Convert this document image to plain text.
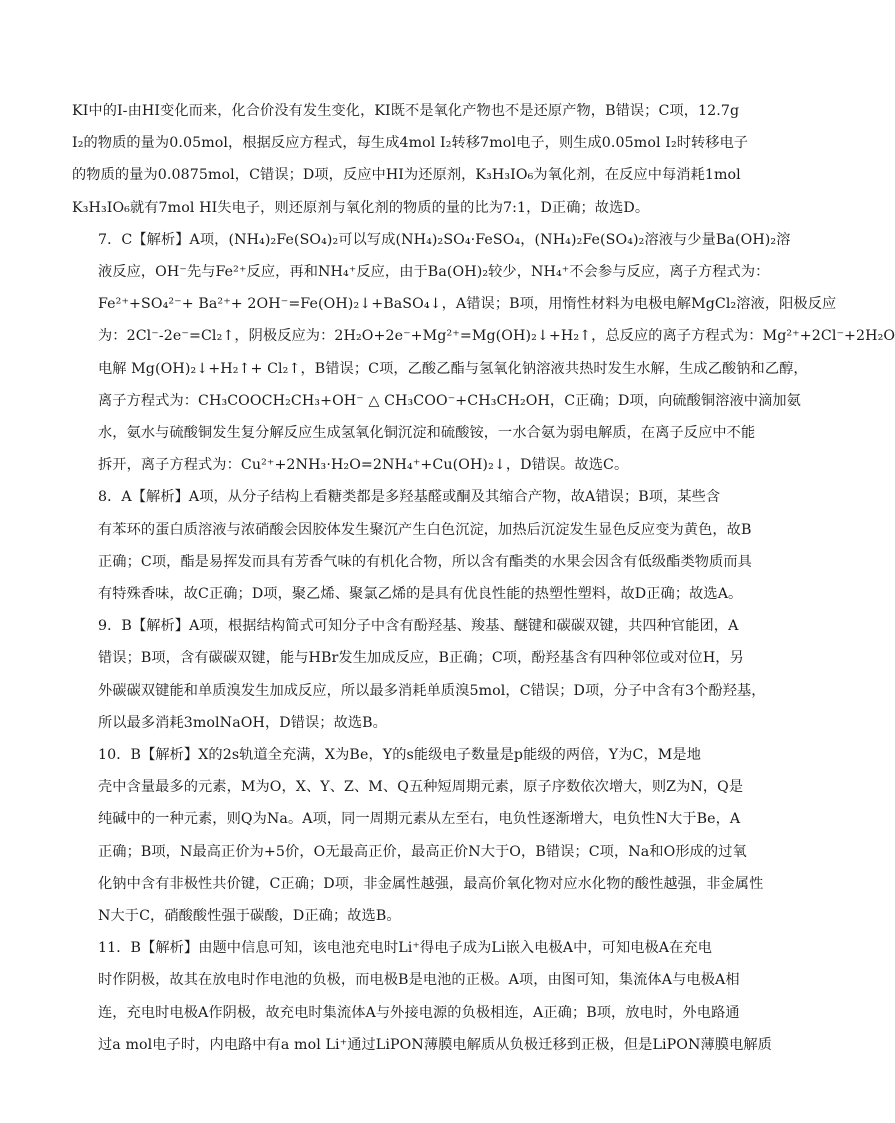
KI中的I-由HI变化而来，化合价没有发生变化，KI既不是氧化产物也不是还原产物，B错误；C项，12.7g
I₂的物质的量为0.05mol，根据反应方程式，每生成4mol I₂转移7mol电子，则生成0.05mol I₂时转移电子
的物质的量为0.0875mol，C错误；D项，反应中HI为还原剂，K₃H₃IO₆为氧化剂，在反应中每消耗1mol
K₃H₃IO₆就有7mol HI失电子，则还原剂与氧化剂的物质的量的比为7:1，D正确；故选D。

7．C【解析】A项，(NH₄)₂Fe(SO₄)₂可以写成(NH₄)₂SO₄·FeSO₄，(NH₄)₂Fe(SO₄)₂溶液与少量Ba(OH)₂溶
液反应，OH⁻先与Fe²⁺反应，再和NH₄⁺反应，由于Ba(OH)₂较少，NH₄⁺不会参与反应，离子方程式为：
Fe²⁺+SO₄²⁻+ Ba²⁺+ 2OH⁻=Fe(OH)₂↓+BaSO₄↓，A错误；B项，用惰性材料为电极电解MgCl₂溶液，阳极反应
为：2Cl⁻-2e⁻=Cl₂↑，阴极反应为：2H₂O+2e⁻+Mg²⁺=Mg(OH)₂↓+H₂↑，总反应的离子方程式为：Mg²⁺+2Cl⁻+2H₂O
电解 Mg(OH)₂↓+H₂↑+ Cl₂↑，B错误；C项，乙酸乙酯与氢氧化钠溶液共热时发生水解，生成乙酸钠和乙醇，
离子方程式为：CH₃COOCH₂CH₃+OH⁻ △ CH₃COO⁻+CH₃CH₂OH，C正确；D项，向硫酸铜溶液中滴加氨
水，氨水与硫酸铜发生复分解反应生成氢氧化铜沉淀和硫酸铵，一水合氨为弱电解质，在离子反应中不能
拆开，离子方程式为：Cu²⁺+2NH₃·H₂O=2NH₄⁺+Cu(OH)₂↓，D错误。故选C。

8．A【解析】A项，从分子结构上看糖类都是多羟基醛或酮及其缩合产物，故A错误；B项，某些含
有苯环的蛋白质溶液与浓硝酸会因胶体发生聚沉产生白色沉淀，加热后沉淀发生显色反应变为黄色，故B
正确；C项，酯是易挥发而具有芳香气味的有机化合物，所以含有酯类的水果会因含有低级酯类物质而具
有特殊香味，故C正确；D项，聚乙烯、聚氯乙烯的是具有优良性能的热塑性塑料，故D正确；故选A。

9．B【解析】A项，根据结构简式可知分子中含有酚羟基、羧基、醚键和碳碳双键，共四种官能团，A
错误；B项，含有碳碳双键，能与HBr发生加成反应，B正确；C项，酚羟基含有四种邻位或对位H，另
外碳碳双键能和单质溴发生加成反应，所以最多消耗单质溴5mol，C错误；D项，分子中含有3个酚羟基，
所以最多消耗3molNaOH，D错误；故选B。

10．B【解析】X的2s轨道全充满，X为Be，Y的s能级电子数量是p能级的两倍，Y为C，M是地
壳中含量最多的元素，M为O，X、Y、Z、M、Q五种短周期元素，原子序数依次增大，则Z为N，Q是
纯碱中的一种元素，则Q为Na。A项，同一周期元素从左至右，电负性逐渐增大，电负性N大于Be，A
正确；B项，N最高正价为+5价，O无最高正价，最高正价N大于O，B错误；C项，Na和O形成的过氧
化钠中含有非极性共价键，C正确；D项，非金属性越强，最高价氧化物对应水化物的酸性越强，非金属性
N大于C，硝酸酸性强于碳酸，D正确；故选B。

11．B【解析】由题中信息可知，该电池充电时Li⁺得电子成为Li嵌入电极A中，可知电极A在充电
时作阴极，故其在放电时作电池的负极，而电极B是电池的正极。A项，由图可知，集流体A与电极A相
连，充电时电极A作阴极，故充电时集流体A与外接电源的负极相连，A正确；B项，放电时，外电路通
过a mol电子时，内电路中有a mol Li⁺通过LiPON薄膜电解质从负极迁移到正极，但是LiPON薄膜电解质
